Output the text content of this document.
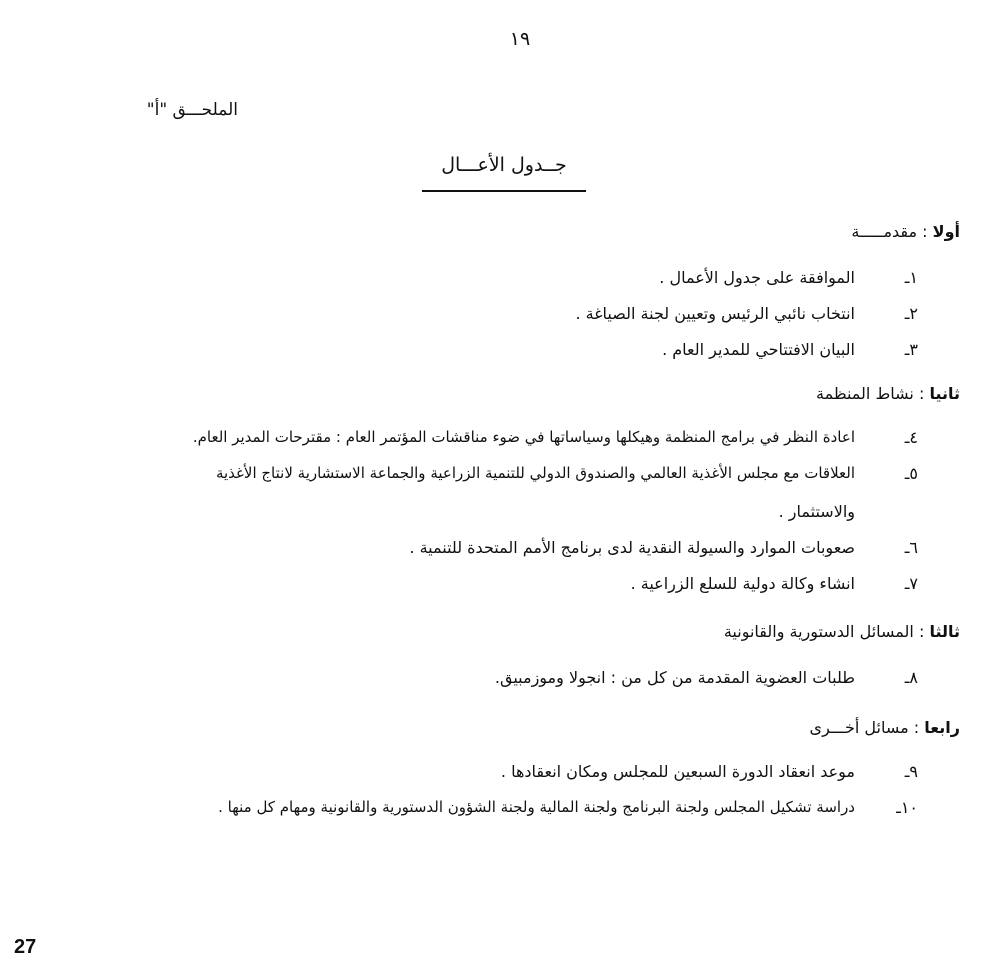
١٩
الملحـــق "أ"
جــدول الأعـــال
أولا : مقدمـــــة
١ـ
الموافقة على جدول الأعمال .
٢ـ
انتخاب نائبي الرئيس وتعيين لجنة الصياغة .
٣ـ
البيان الافتتاحي للمدير العام .
ثانيا : نشاط المنظمة
٤ـ
اعادة النظر في برامج المنظمة وهيكلها وسياساتها في ضوء مناقشات المؤتمر العام : مقترحات المدير العام.
٥ـ
العلاقات مع مجلس الأغذية العالمي والصندوق الدولي للتنمية الزراعية والجماعة الاستشارية لانتاج الأغذية
والاستثمار .
٦ـ
صعوبات الموارد والسيولة النقدية لدى برنامج الأمم المتحدة للتنمية .
٧ـ
انشاء وكالة دولية للسلع الزراعية .
ثالثا : المسائل الدستورية والقانونية
٨ـ
طلبات العضوية المقدمة من كل من : انجولا وموزمبيق.
رابعا : مسائل أخـــرى
٩ـ
موعد انعقاد الدورة السبعين للمجلس ومكان انعقادها .
١٠ـ
دراسة تشكيل المجلس ولجنة البرنامج ولجنة المالية ولجنة الشؤون الدستورية والقانونية ومهام كل منها .
27
